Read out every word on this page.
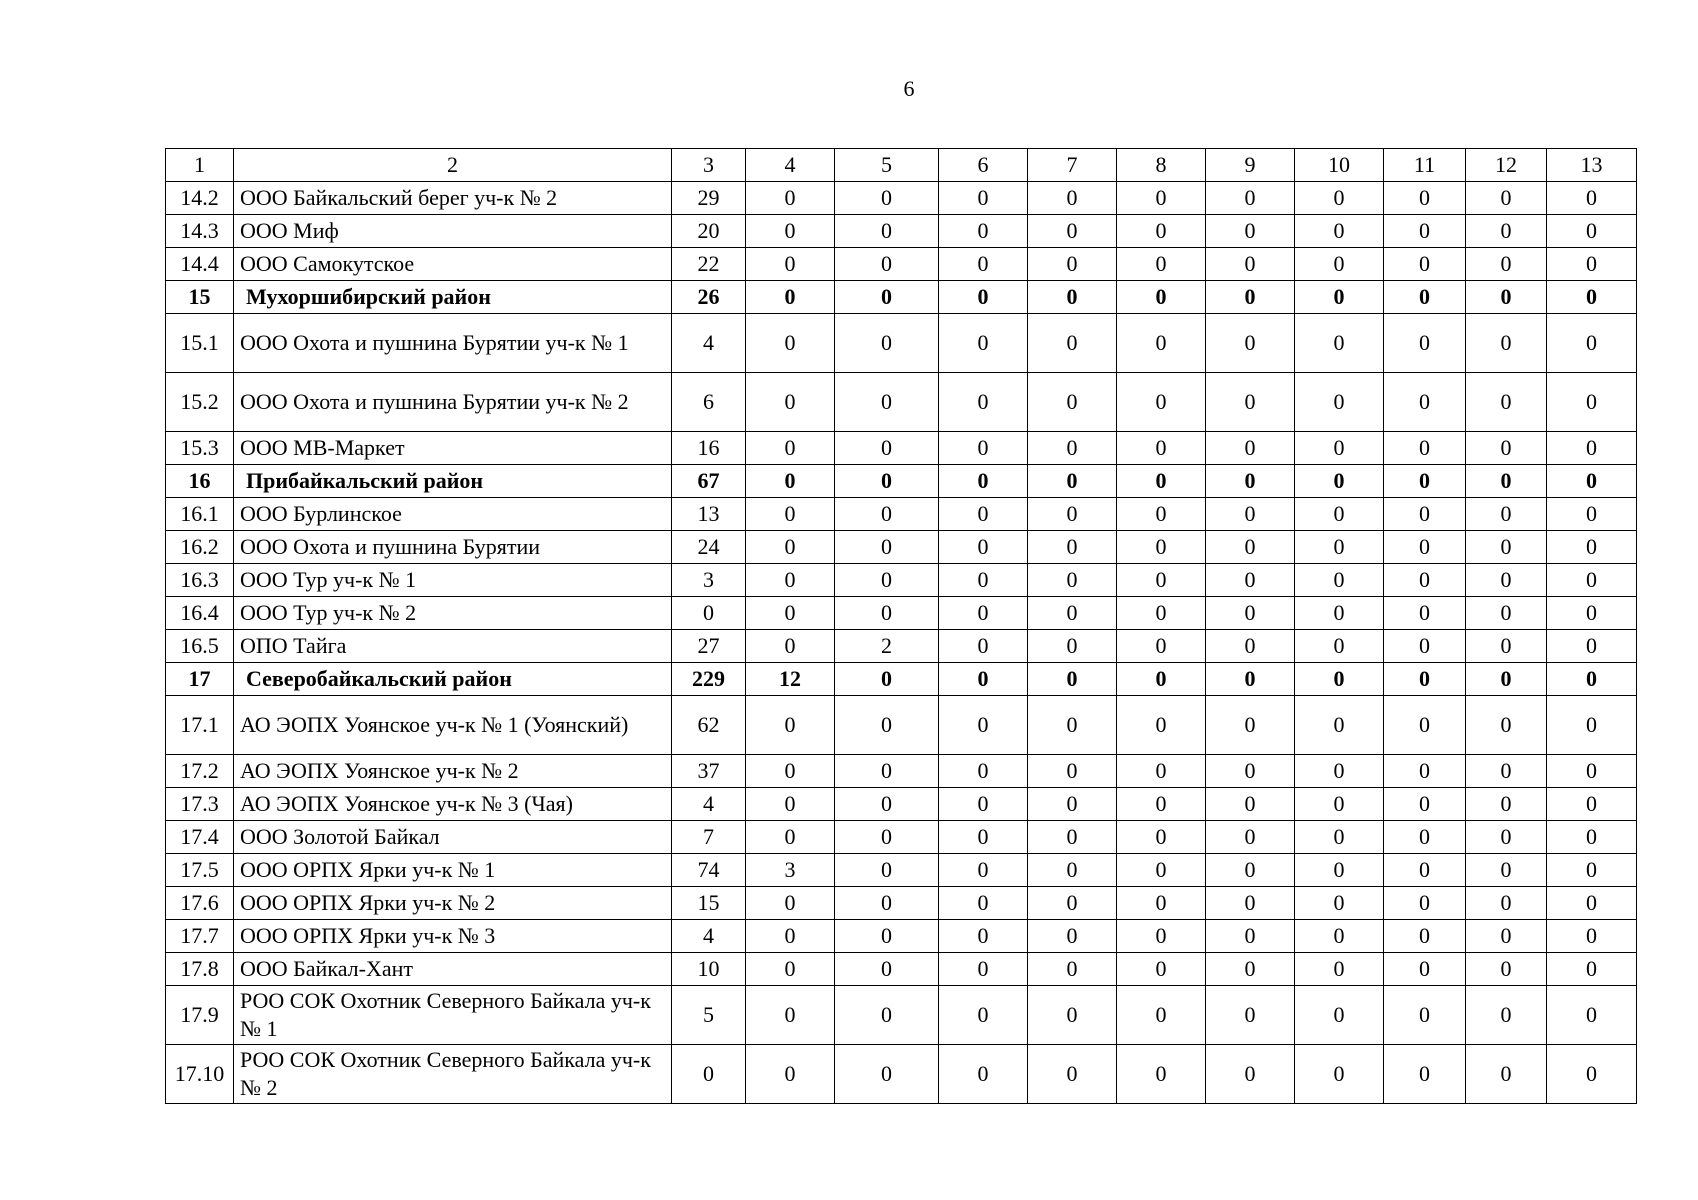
6
1	2	3	4	5	6	7	8	9	10	11	12	13
14.2	ООО Байкальский берег уч-к № 2	29	0	0	0	0	0	0	0	0	0	0
14.3	ООО Миф	20	0	0	0	0	0	0	0	0	0	0
14.4	ООО Самокутское	22	0	0	0	0	0	0	0	0	0	0
15	Мухоршибирский район	26	0	0	0	0	0	0	0	0	0	0
15.1	ООО Охота и пушнина Бурятии уч-к № 1	4	0	0	0	0	0	0	0	0	0	0
15.2	ООО Охота и пушнина Бурятии уч-к № 2	6	0	0	0	0	0	0	0	0	0	0
15.3	ООО МВ-Маркет	16	0	0	0	0	0	0	0	0	0	0
16	Прибайкальский район	67	0	0	0	0	0	0	0	0	0	0
16.1	ООО Бурлинское	13	0	0	0	0	0	0	0	0	0	0
16.2	ООО Охота и пушнина Бурятии	24	0	0	0	0	0	0	0	0	0	0
16.3	ООО Тур уч-к № 1	3	0	0	0	0	0	0	0	0	0	0
16.4	ООО Тур уч-к № 2	0	0	0	0	0	0	0	0	0	0	0
16.5	ОПО Тайга	27	0	2	0	0	0	0	0	0	0	0
17	Северобайкальский район	229	12	0	0	0	0	0	0	0	0	0
17.1	АО ЭОПХ Уоянское уч-к № 1 (Уоянский)	62	0	0	0	0	0	0	0	0	0	0
17.2	АО ЭОПХ Уоянское уч-к № 2	37	0	0	0	0	0	0	0	0	0	0
17.3	АО ЭОПХ Уоянское уч-к № 3 (Чая)	4	0	0	0	0	0	0	0	0	0	0
17.4	ООО Золотой Байкал	7	0	0	0	0	0	0	0	0	0	0
17.5	ООО ОРПХ Ярки уч-к № 1	74	3	0	0	0	0	0	0	0	0	0
17.6	ООО ОРПХ Ярки уч-к № 2	15	0	0	0	0	0	0	0	0	0	0
17.7	ООО ОРПХ Ярки уч-к № 3	4	0	0	0	0	0	0	0	0	0	0
17.8	ООО Байкал-Хант	10	0	0	0	0	0	0	0	0	0	0
17.9	РОО СОК Охотник Северного Байкала уч-к № 1	5	0	0	0	0	0	0	0	0	0	0
17.10	РОО СОК Охотник Северного Байкала уч-к № 2	0	0	0	0	0	0	0	0	0	0	0
